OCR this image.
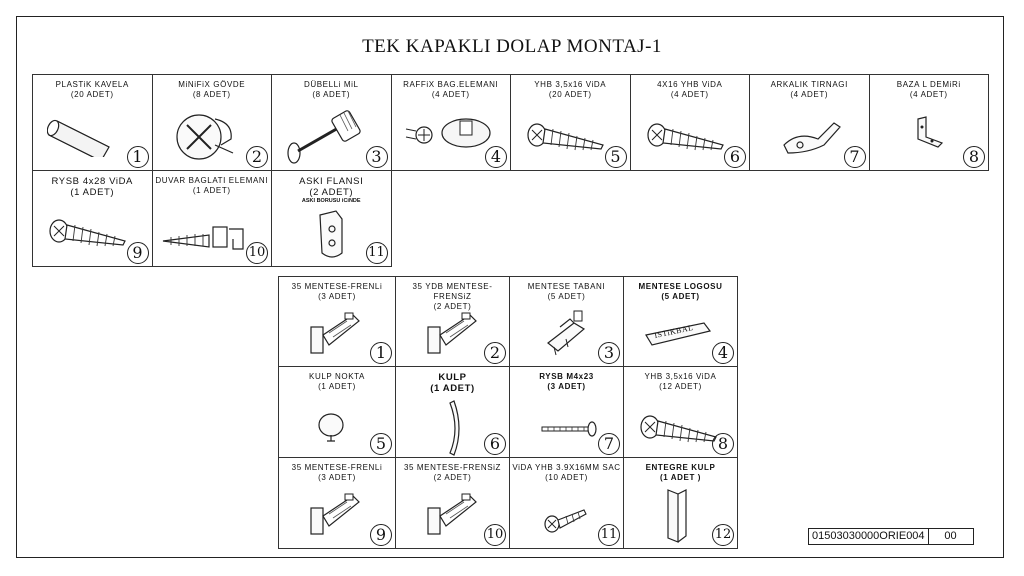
TEK KAPAKLI DOLAP MONTAJ-1
PLASTiK KAVELA
(20 ADET)
1
MiNiFiX GÖVDE
(8 ADET)
2
DÜBELLi MiL
(8 ADET)
3
RAFFiX BAG.ELEMANI
(4 ADET)
4
YHB 3,5x16 ViDA
(20 ADET)
5
4X16 YHB ViDA
(4 ADET)
6
ARKALIK TIRNAGI
(4 ADET)
7
BAZA L DEMiRi
(4 ADET)
8
RYSB 4x28 ViDA
(1 ADET)
9
DUVAR BAGLATI ELEMANI
(1 ADET)
10
ASKI FLANSI
(2 ADET)
ASKI BORUSU iCiNDE
11
35 MENTESE-FRENLi
(3 ADET)
1
35 YDB MENTESE-FRENSiZ
(2 ADET)
2
MENTESE TABANI
(5 ADET)
3
MENTESE LOGOSU
(5 ADET)
ISTiKBAL
4
KULP NOKTA
(1 ADET)
5
KULP
(1 ADET)
6
RYSB M4x23
(3 ADET)
7
YHB 3,5x16 ViDA
(12 ADET)
8
35 MENTESE-FRENLi
(3 ADET)
9
35 MENTESE-FRENSiZ
(2 ADET)
10
ViDA YHB 3.9X16MM SAC
(10 ADET)
11
ENTEGRE KULP
(1 ADET )
12	01503030000ORIE004	00
